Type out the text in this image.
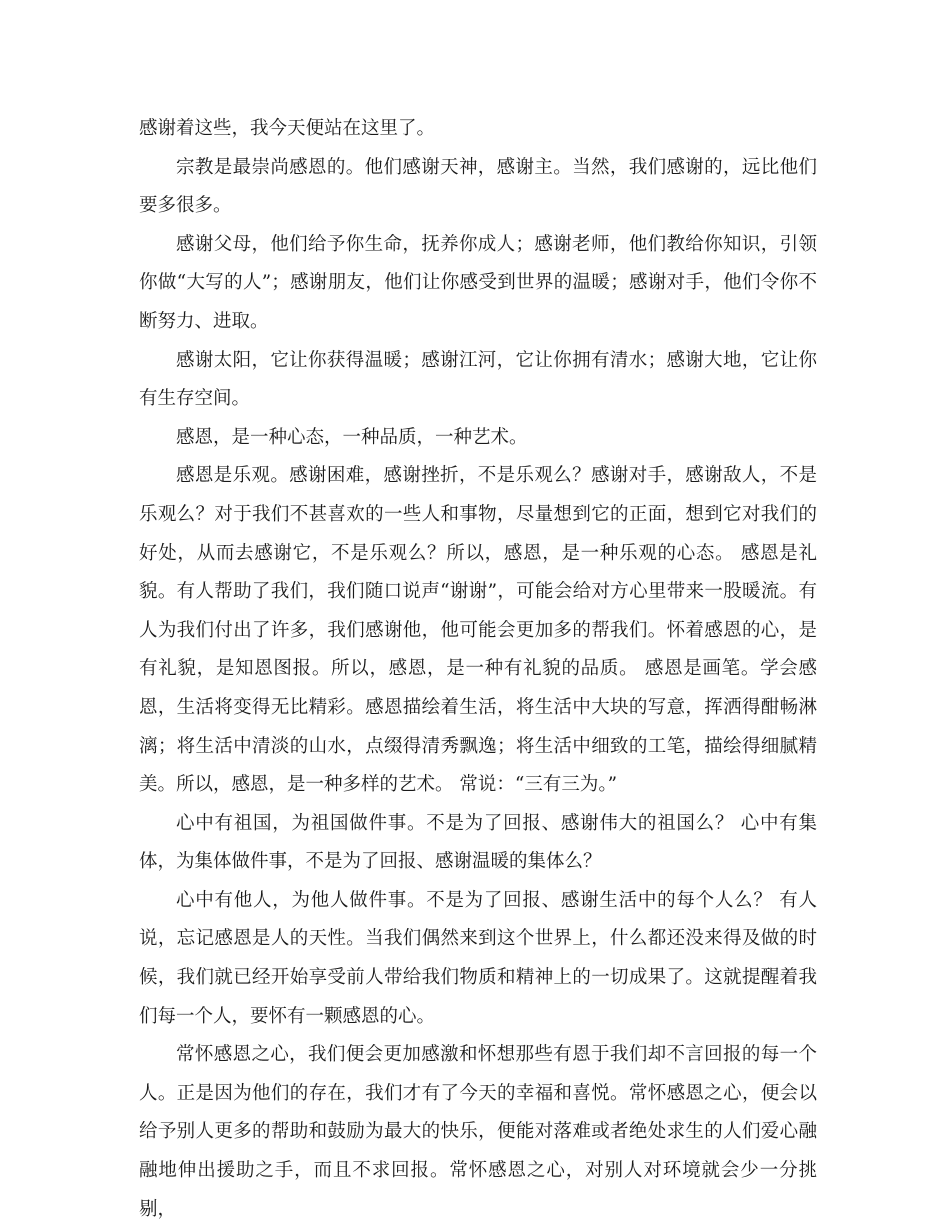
感谢着这些，我今天便站在这里了。

宗教是最崇尚感恩的。他们感谢天神，感谢主。当然，我们感谢的，远比他们要多很多。

感谢父母，他们给予你生命，抚养你成人；感谢老师，他们教给你知识，引领你做“大写的人”；感谢朋友，他们让你感受到世界的温暖；感谢对手，他们令你不断努力、进取。

感谢太阳，它让你获得温暖；感谢江河，它让你拥有清水；感谢大地，它让你有生存空间。

感恩，是一种心态，一种品质，一种艺术。

感恩是乐观。感谢困难，感谢挫折，不是乐观么？感谢对手，感谢敌人，不是乐观么？对于我们不甚喜欢的一些人和事物，尽量想到它的正面，想到它对我们的好处，从而去感谢它，不是乐观么？所以，感恩，是一种乐观的心态。 感恩是礼貌。有人帮助了我们，我们随口说声“谢谢”，可能会给对方心里带来一股暖流。有人为我们付出了许多，我们感谢他，他可能会更加多的帮我们。怀着感恩的心，是有礼貌，是知恩图报。所以，感恩，是一种有礼貌的品质。 感恩是画笔。学会感恩，生活将变得无比精彩。感恩描绘着生活，将生活中大块的写意，挥洒得酣畅淋漓；将生活中清淡的山水，点缀得清秀飘逸；将生活中细致的工笔，描绘得细腻精美。所以，感恩，是一种多样的艺术。 常说：“三有三为。”

心中有祖国，为祖国做件事。不是为了回报、感谢伟大的祖国么？ 心中有集体，为集体做件事，不是为了回报、感谢温暖的集体么？

心中有他人，为他人做件事。不是为了回报、感谢生活中的每个人么？ 有人说，忘记感恩是人的天性。当我们偶然来到这个世界上，什么都还没来得及做的时候，我们就已经开始享受前人带给我们物质和精神上的一切成果了。这就提醒着我们每一个人，要怀有一颗感恩的心。

常怀感恩之心，我们便会更加感激和怀想那些有恩于我们却不言回报的每一个人。正是因为他们的存在，我们才有了今天的幸福和喜悦。常怀感恩之心，便会以给予别人更多的帮助和鼓励为最大的快乐，便能对落难或者绝处求生的人们爱心融融地伸出援助之手，而且不求回报。常怀感恩之心，对别人对环境就会少一分挑剔，
